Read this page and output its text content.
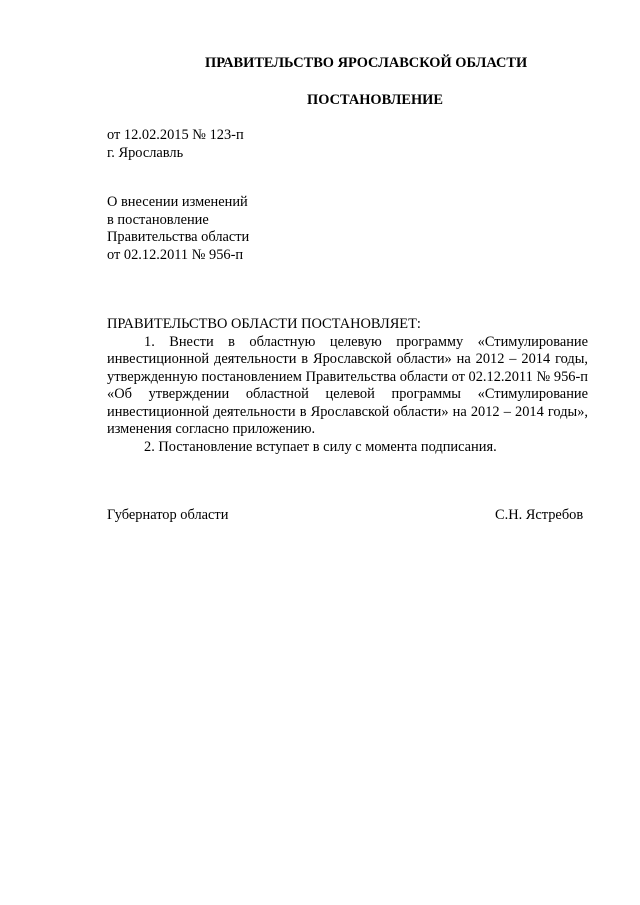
ПРАВИТЕЛЬСТВО ЯРОСЛАВСКОЙ ОБЛАСТИ
ПОСТАНОВЛЕНИЕ
от 12.02.2015 № 123-п
г. Ярославль
О внесении изменений
в постановление
Правительства области
от 02.12.2011 № 956-п
ПРАВИТЕЛЬСТВО ОБЛАСТИ ПОСТАНОВЛЯЕТ:

1. Внести в областную целевую программу «Стимулирование инвестиционной деятельности в Ярославской области» на 2012 – 2014 годы, утвержденную постановлением Правительства области от 02.12.2011 № 956-п «Об утверждении областной целевой программы «Стимулирование инвестиционной деятельности в Ярославской области» на 2012 – 2014 годы», изменения согласно приложению.

2. Постановление вступает в силу с момента подписания.

Губернатор области	С.Н. Ястребов
